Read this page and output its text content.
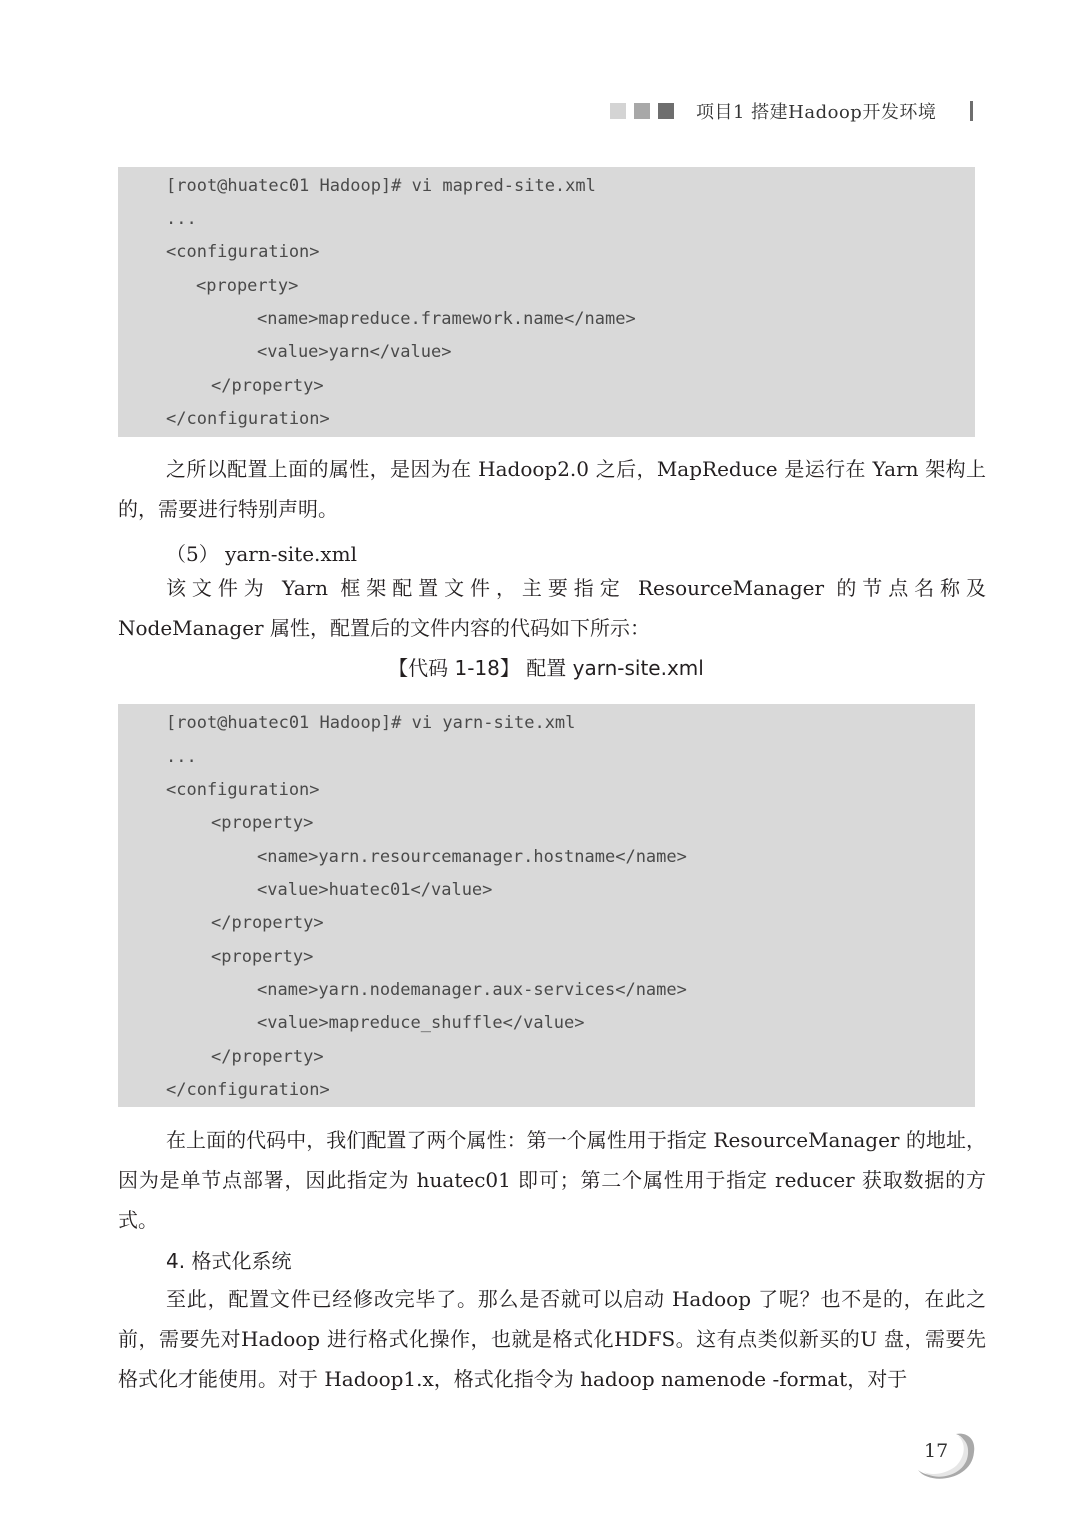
项目1 搭建Hadoop开发环境
[root@huatec01 Hadoop]# vi mapred-site.xml
...
<configuration>
<property>
<name>mapreduce.framework.name</name>
<value>yarn</value>
</property>
</configuration>

之所以配置上面的属性，是因为在 Hadoop2.0 之后，MapReduce 是运行在 Yarn 架构上的，需要进行特别声明。

（5） yarn-site.xml

该文件为 Yarn 框架配置文件，主要指定 ResourceManager 的节点名称及 NodeManager 属性，配置后的文件内容的代码如下所示：

【代码 1-18】 配置 yarn-site.xml
[root@huatec01 Hadoop]# vi yarn-site.xml
...
<configuration>
<property>
<name>yarn.resourcemanager.hostname</name>
<value>huatec01</value>
</property>
<property>
<name>yarn.nodemanager.aux-services</name>
<value>mapreduce_shuffle</value>
</property>
</configuration>

在上面的代码中，我们配置了两个属性：第一个属性用于指定 ResourceManager 的地址，因为是单节点部署，因此指定为 huatec01 即可；第二个属性用于指定 reducer 获取数据的方式。

4. 格式化系统

至此，配置文件已经修改完毕了。那么是否就可以启动 Hadoop 了呢？也不是的，在此之前，需要先对Hadoop 进行格式化操作，也就是格式化HDFS。这有点类似新买的U 盘，需要先格式化才能使用。对于 Hadoop1.x，格式化指令为 hadoop namenode -format，对于

17
